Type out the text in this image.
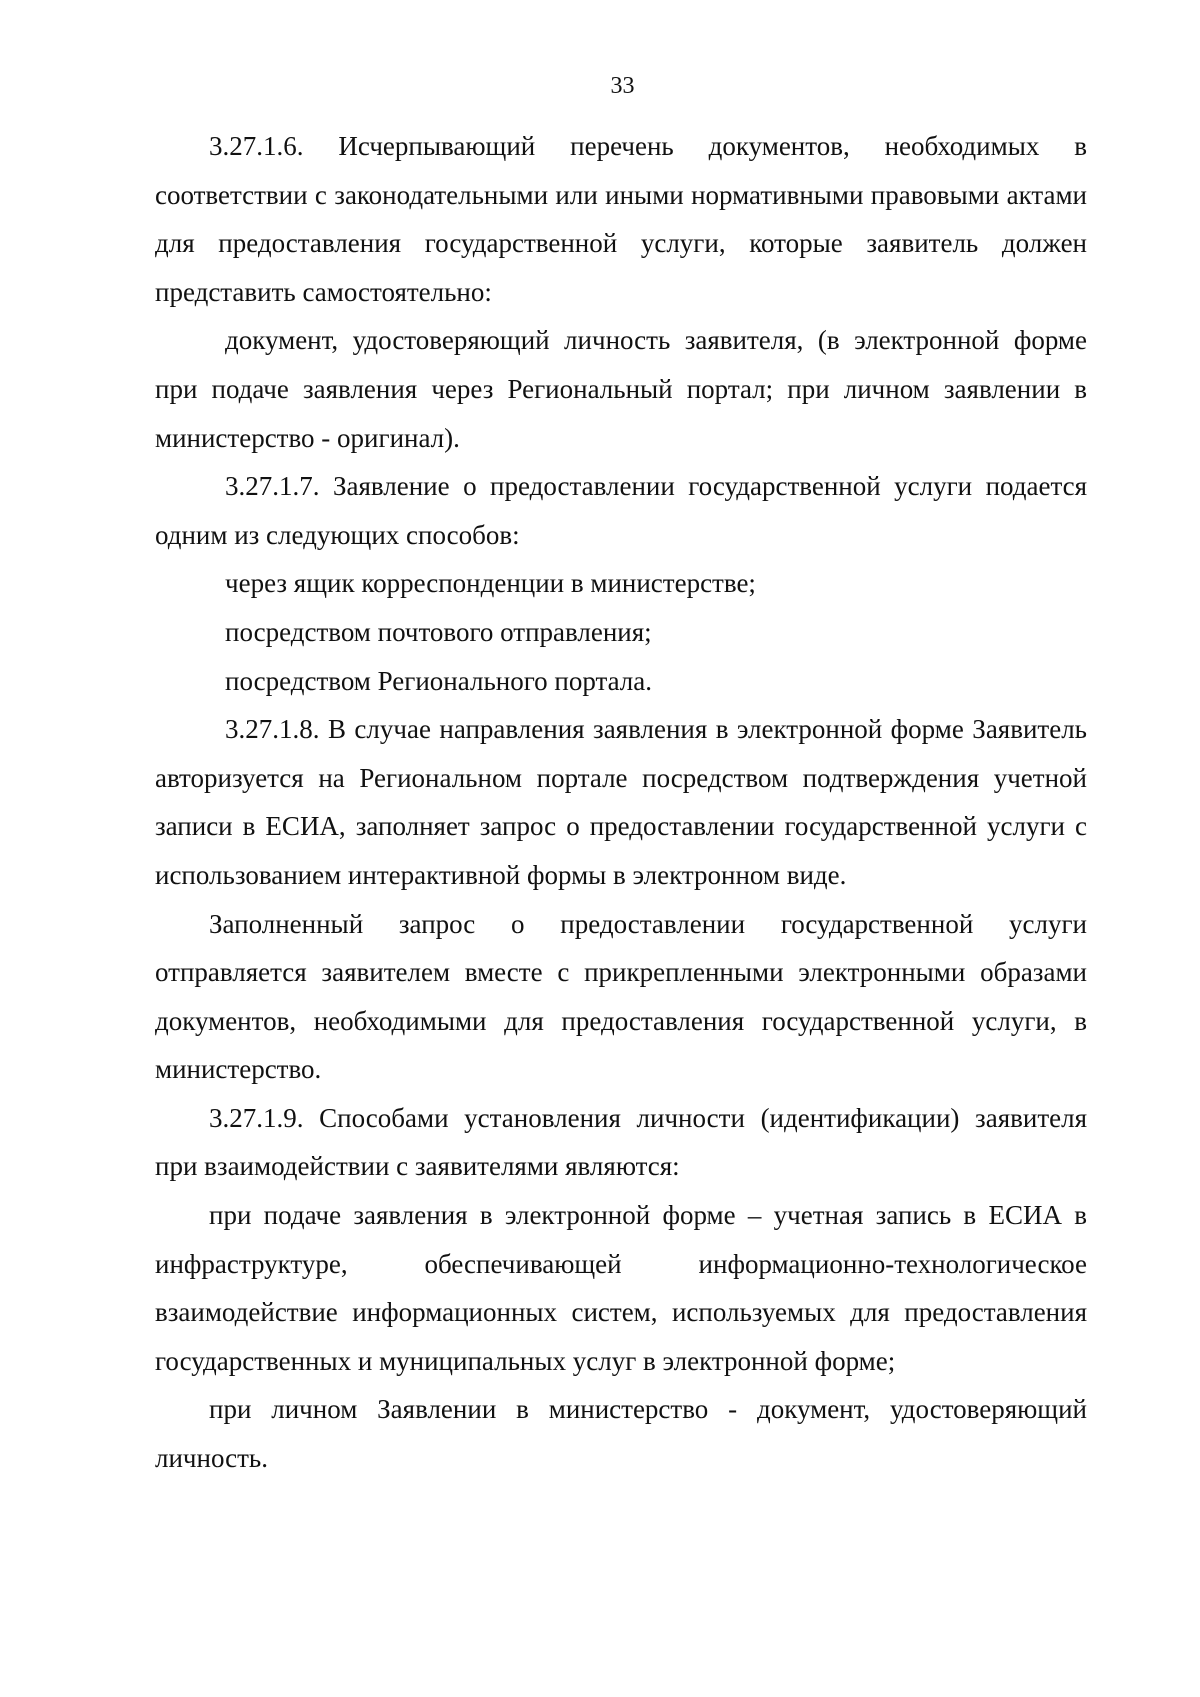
33

3.27.1.6. Исчерпывающий перечень документов, необходимых в соответствии с законодательными или иными нормативными правовыми актами для предоставления государственной услуги, которые заявитель должен представить самостоятельно:

документ, удостоверяющий личность заявителя, (в электронной форме при подаче заявления через Региональный портал; при личном заявлении в министерство - оригинал).

3.27.1.7. Заявление о предоставлении государственной услуги подается одним из следующих способов:

через ящик корреспонденции в министерстве;

посредством почтового отправления;

посредством Регионального портала.

3.27.1.8. В случае направления заявления в электронной форме Заявитель авторизуется на Региональном портале посредством подтверждения учетной записи в ЕСИА, заполняет запрос о предоставлении государственной услуги с использованием интерактивной формы в электронном виде.

Заполненный запрос о предоставлении государственной услуги отправляется заявителем вместе с прикрепленными электронными образами документов, необходимыми для предоставления государственной услуги, в министерство.

3.27.1.9. Способами установления личности (идентификации) заявителя при взаимодействии с заявителями являются:

при подаче заявления в электронной форме – учетная запись в ЕСИА в инфраструктуре, обеспечивающей информационно-технологическое взаимодействие информационных систем, используемых для предоставления государственных и муниципальных услуг в электронной форме;

при личном Заявлении в министерство - документ, удостоверяющий личность.
